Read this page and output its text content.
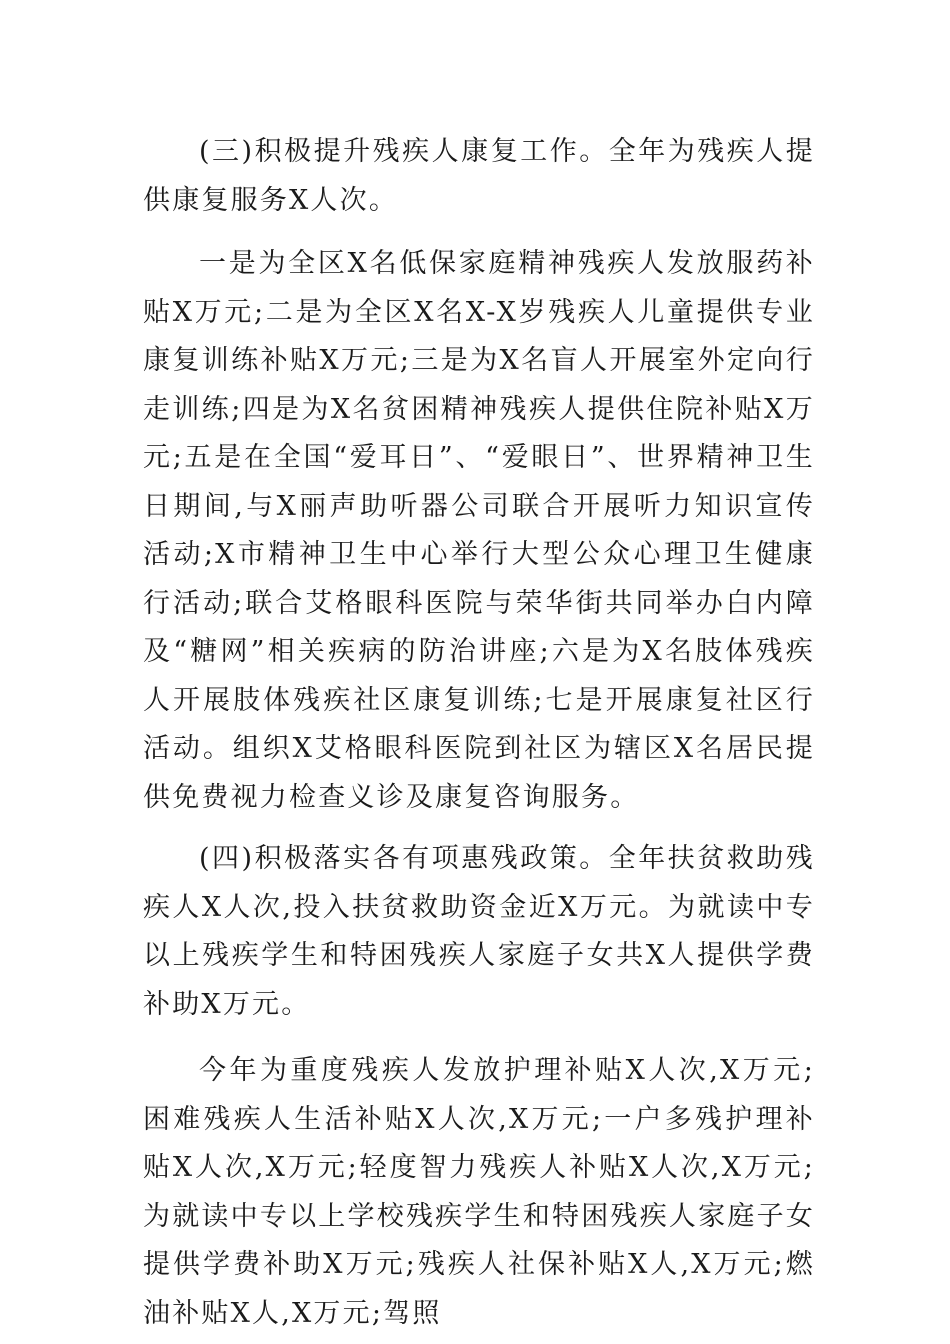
(三)积极提升残疾人康复工作。全年为残疾人提供康复服务X人次。

一是为全区X名低保家庭精神残疾人发放服药补贴X万元;二是为全区X名X-X岁残疾人儿童提供专业康复训练补贴X万元;三是为X名盲人开展室外定向行走训练;四是为X名贫困精神残疾人提供住院补贴X万元;五是在全国“爱耳日”、“爱眼日”、世界精神卫生日期间,与X丽声助听器公司联合开展听力知识宣传活动;X市精神卫生中心举行大型公众心理卫生健康行活动;联合艾格眼科医院与荣华街共同举办白内障及“糖网”相关疾病的防治讲座;六是为X名肢体残疾人开展肢体残疾社区康复训练;七是开展康复社区行活动。组织X艾格眼科医院到社区为辖区X名居民提供免费视力检查义诊及康复咨询服务。

(四)积极落实各有项惠残政策。全年扶贫救助残疾人X人次,投入扶贫救助资金近X万元。为就读中专以上残疾学生和特困残疾人家庭子女共X人提供学费补助X万元。

今年为重度残疾人发放护理补贴X人次,X万元;困难残疾人生活补贴X人次,X万元;一户多残护理补贴X人次,X万元;轻度智力残疾人补贴X人次,X万元;为就读中专以上学校残疾学生和特困残疾人家庭子女提供学费补助X万元;残疾人社保补贴X人,X万元;燃油补贴X人,X万元;驾照
